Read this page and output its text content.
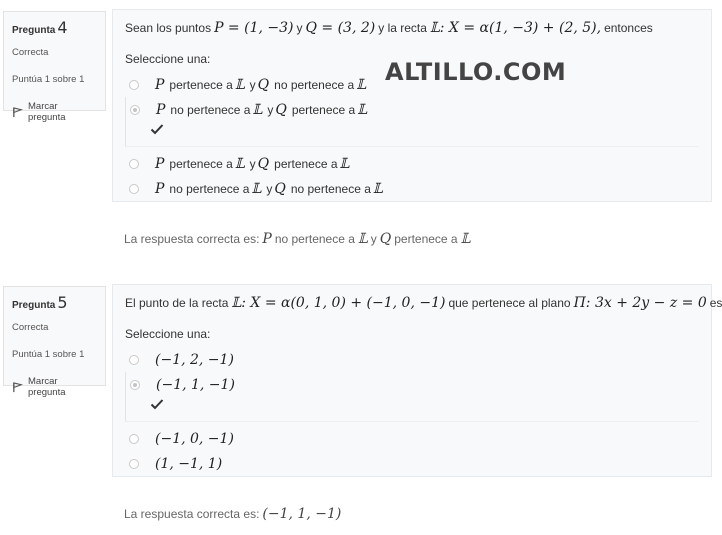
Pregunta 4
Correcta
Puntúa 1 sobre 1
Marcar pregunta
Sean los puntos P = (1, −3) y Q = (3, 2) y la recta 𝕃: X = α(1, −3) + (2, 5), entonces
Seleccione una:
P pertenece a 𝕃 y Q no pertenece a 𝕃
P no pertenece a 𝕃 y Q pertenece a 𝕃
P pertenece a 𝕃 y Q pertenece a 𝕃
P no pertenece a 𝕃 y Q no pertenece a 𝕃
ALTILLO.COM
La respuesta correcta es: P no pertenece a 𝕃 y Q pertenece a 𝕃
Pregunta 5
Correcta
Puntúa 1 sobre 1
Marcar pregunta
El punto de la recta 𝕃: X = α(0, 1, 0) + (−1, 0, −1) que pertenece al plano Π: 3x + 2y − z = 0 es
Seleccione una:
(−1, 2, −1)
(−1, 1, −1)
(−1, 0, −1)
(1, −1, 1)
La respuesta correcta es: (−1, 1, −1)
